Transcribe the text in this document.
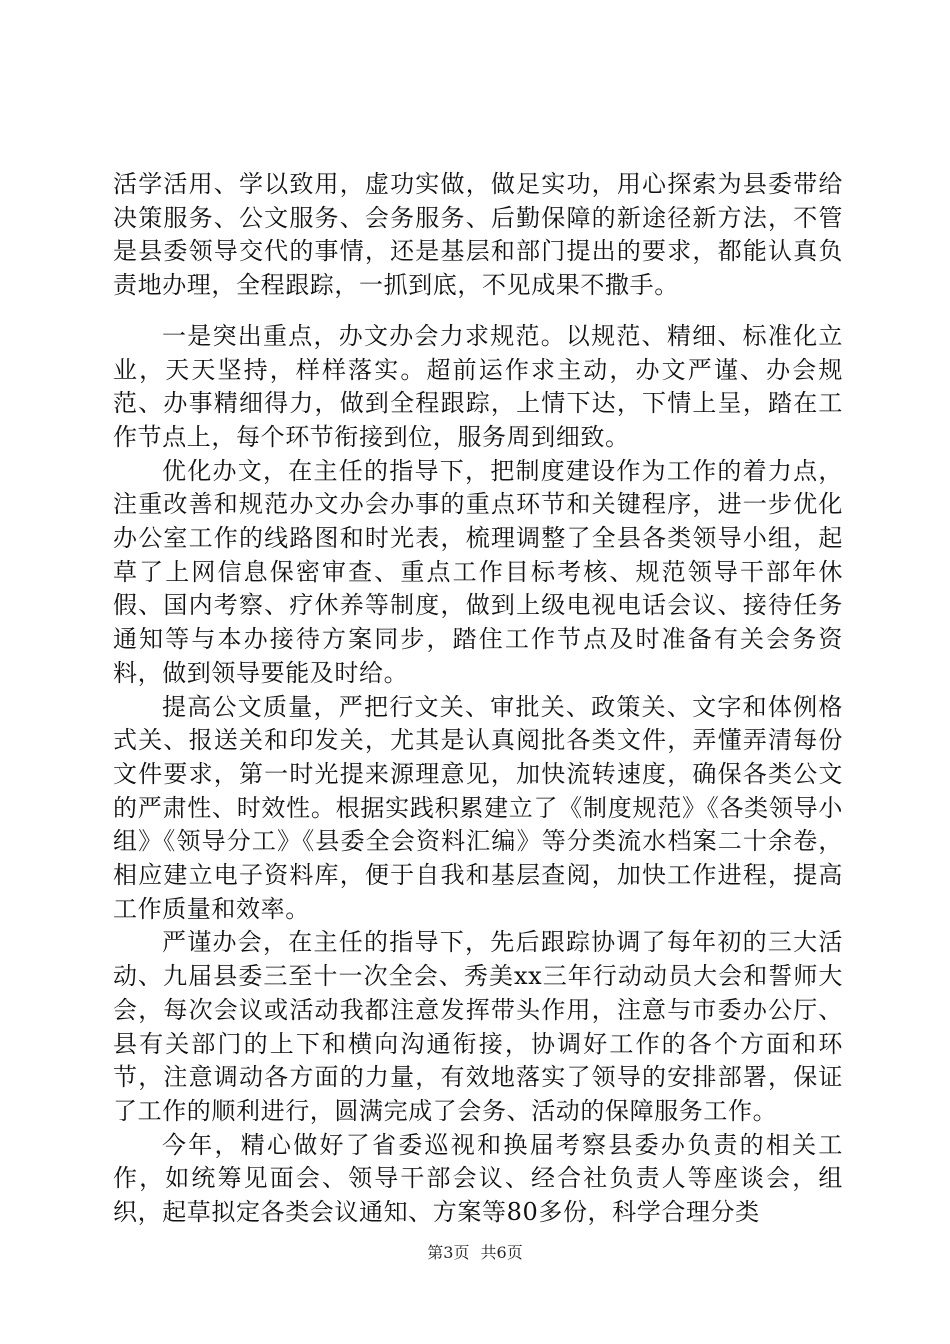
活学活用、学以致用，虚功实做，做足实功，用心探索为县委带给决策服务、公文服务、会务服务、后勤保障的新途径新方法，不管是县委领导交代的事情，还是基层和部门提出的要求，都能认真负责地办理，全程跟踪，一抓到底，不见成果不撒手。

一是突出重点，办文办会力求规范。以规范、精细、标准化立业，天天坚持，样样落实。超前运作求主动，办文严谨、办会规范、办事精细得力，做到全程跟踪，上情下达，下情上呈，踏在工作节点上，每个环节衔接到位，服务周到细致。

优化办文，在主任的指导下，把制度建设作为工作的着力点，注重改善和规范办文办会办事的重点环节和关键程序，进一步优化办公室工作的线路图和时光表，梳理调整了全县各类领导小组，起草了上网信息保密审查、重点工作目标考核、规范领导干部年休假、国内考察、疗休养等制度，做到上级电视电话会议、接待任务通知等与本办接待方案同步，踏住工作节点及时准备有关会务资料，做到领导要能及时给。

提高公文质量，严把行文关、审批关、政策关、文字和体例格式关、报送关和印发关，尤其是认真阅批各类文件，弄懂弄清每份文件要求，第一时光提来源理意见，加快流转速度，确保各类公文的严肃性、时效性。根据实践积累建立了《制度规范》《各类领导小组》《领导分工》《县委全会资料汇编》等分类流水档案二十余卷，相应建立电子资料库，便于自我和基层查阅，加快工作进程，提高工作质量和效率。

严谨办会，在主任的指导下，先后跟踪协调了每年初的三大活动、九届县委三至十一次全会、秀美xx三年行动动员大会和誓师大会，每次会议或活动我都注意发挥带头作用，注意与市委办公厅、县有关部门的上下和横向沟通衔接，协调好工作的各个方面和环节，注意调动各方面的力量，有效地落实了领导的安排部署，保证了工作的顺利进行，圆满完成了会务、活动的保障服务工作。

今年，精心做好了省委巡视和换届考察县委办负责的相关工作，如统筹见面会、领导干部会议、经合社负责人等座谈会，组织，起草拟定各类会议通知、方案等80多份，科学合理分类

第3页 共6页
